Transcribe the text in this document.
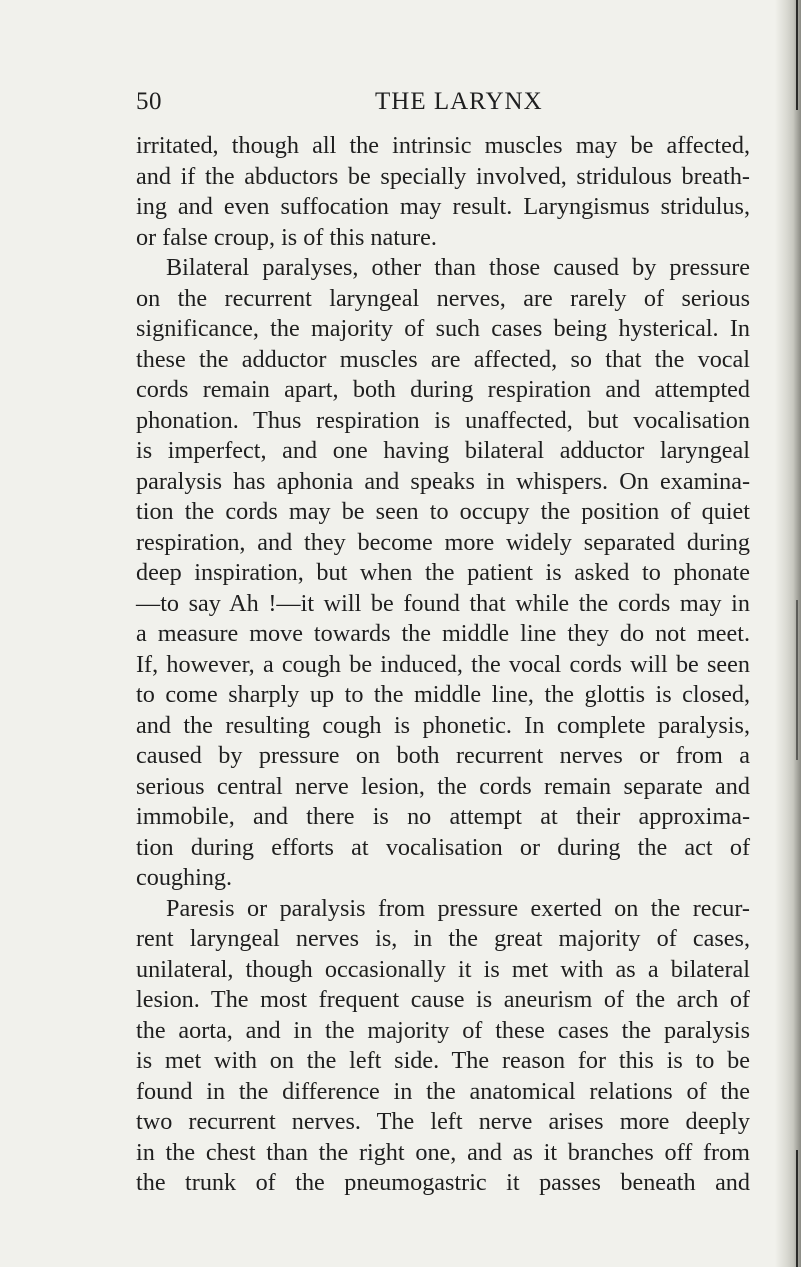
50	THE LARYNX
irritated, though all the intrinsic muscles may be affected,
and if the abductors be specially involved, stridulous breath-
ing and even suffocation may result. Laryngismus stridulus,
or false croup, is of this nature.
Bilateral paralyses, other than those caused by pressure
on the recurrent laryngeal nerves, are rarely of serious
significance, the majority of such cases being hysterical. In
these the adductor muscles are affected, so that the vocal
cords remain apart, both during respiration and attempted
phonation. Thus respiration is unaffected, but vocalisation
is imperfect, and one having bilateral adductor laryngeal
paralysis has aphonia and speaks in whispers. On examina-
tion the cords may be seen to occupy the position of quiet
respiration, and they become more widely separated during
deep inspiration, but when the patient is asked to phonate
—to say Ah !—it will be found that while the cords may in
a measure move towards the middle line they do not meet.
If, however, a cough be induced, the vocal cords will be seen
to come sharply up to the middle line, the glottis is closed,
and the resulting cough is phonetic. In complete paralysis,
caused by pressure on both recurrent nerves or from a
serious central nerve lesion, the cords remain separate and
immobile, and there is no attempt at their approxima-
tion during efforts at vocalisation or during the act of
coughing.
Paresis or paralysis from pressure exerted on the recur-
rent laryngeal nerves is, in the great majority of cases,
unilateral, though occasionally it is met with as a bilateral
lesion. The most frequent cause is aneurism of the arch of
the aorta, and in the majority of these cases the paralysis
is met with on the left side. The reason for this is to be
found in the difference in the anatomical relations of the
two recurrent nerves. The left nerve arises more deeply
in the chest than the right one, and as it branches off from
the trunk of the pneumogastric it passes beneath and
